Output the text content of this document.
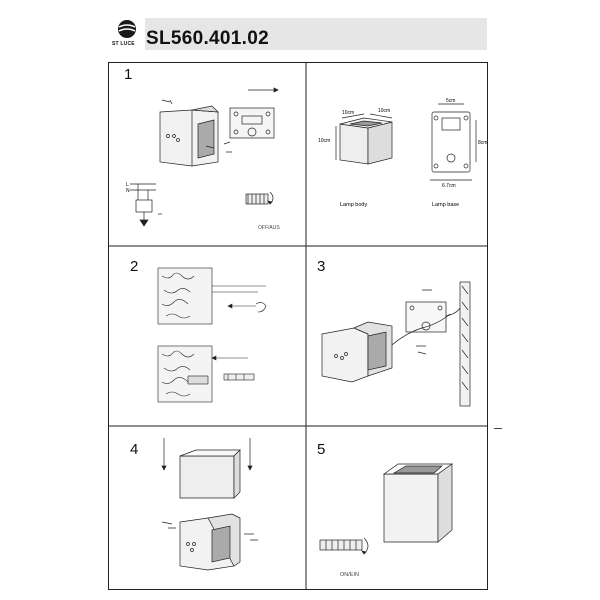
ST LUCE SL560.401.02
1
2	3
4	5
L
N
OFF/AUS
10cm	10cm
10cm
5cm
8cm
6.7cm
Lamp body	Lamp base
ON/EIN
